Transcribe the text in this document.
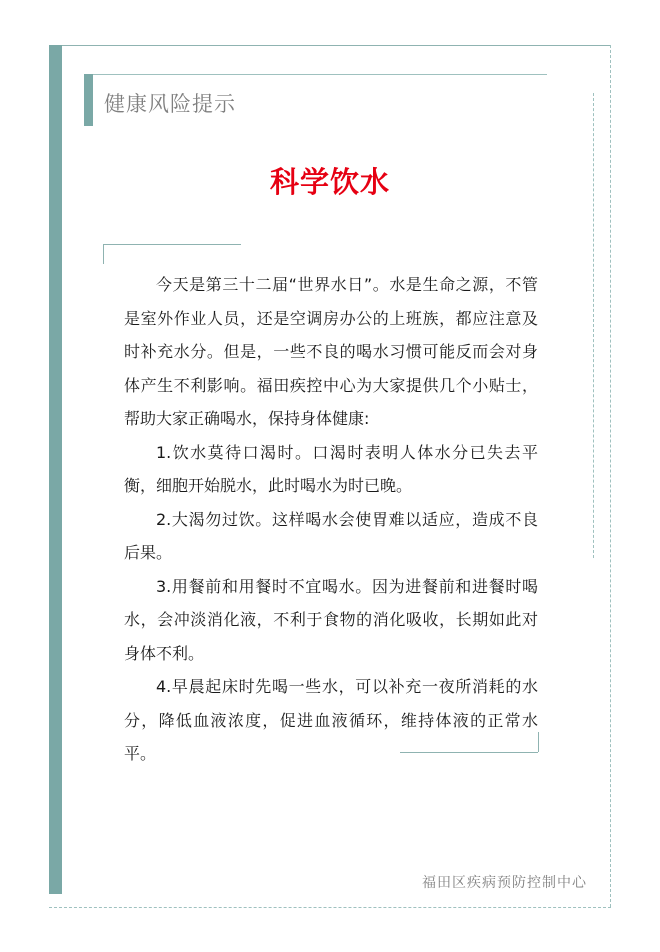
健康风险提示
科学饮水

今天是第三十二届“世界水日”。水是生命之源，不管是室外作业人员，还是空调房办公的上班族，都应注意及时补充水分。但是，一些不良的喝水习惯可能反而会对身体产生不利影响。福田疾控中心为大家提供几个小贴士，帮助大家正确喝水，保持身体健康:

1.饮水莫待口渴时。口渴时表明人体水分已失去平衡，细胞开始脱水，此时喝水为时已晚。

2.大渴勿过饮。这样喝水会使胃难以适应，造成不良后果。

3.用餐前和用餐时不宜喝水。因为进餐前和进餐时喝水，会冲淡消化液，不利于食物的消化吸收，长期如此对身体不利。

4.早晨起床时先喝一些水，可以补充一夜所消耗的水分，降低血液浓度，促进血液循环，维持体液的正常水平。

福田区疾病预防控制中心
